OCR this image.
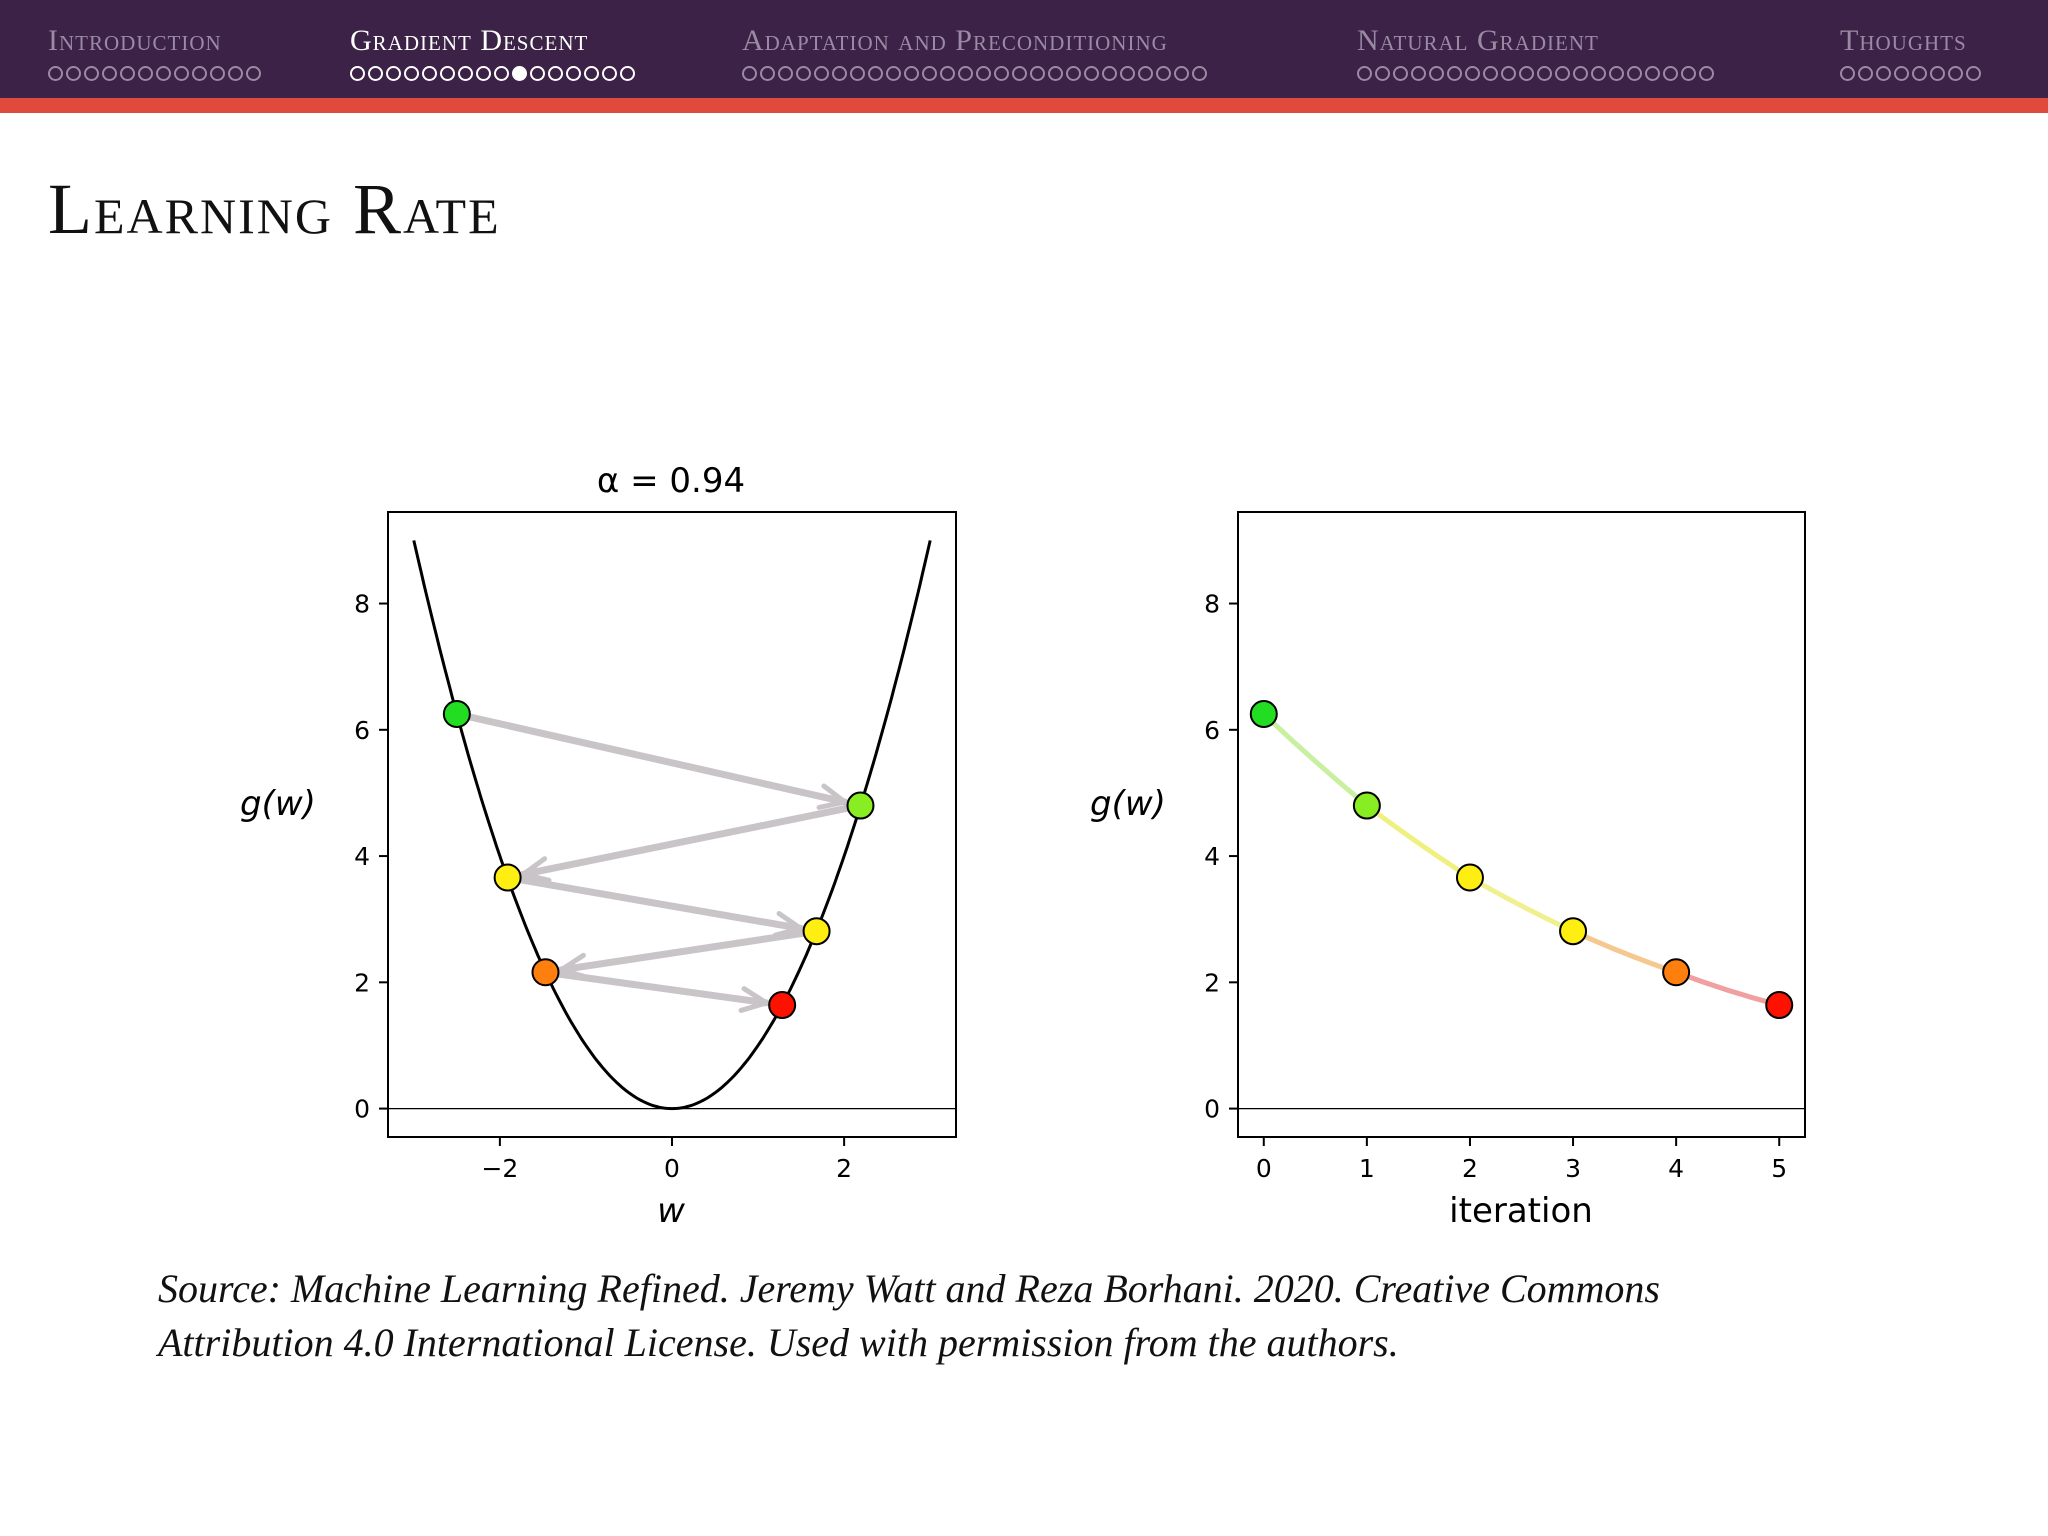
Introduction	Gradient Descent	Adaptation and Preconditioning	Natural Gradient	Thoughts
Learning Rate
α = 0.94
g(w)
w
−2	0	2
0
2
4
6
8
g(w)
iteration
0	1	2	3	4	5
0
2
4
6
8
Source: Machine Learning Refined. Jeremy Watt and Reza Borhani. 2020. Creative Commons
Attribution 4.0 International License. Used with permission from the authors.
